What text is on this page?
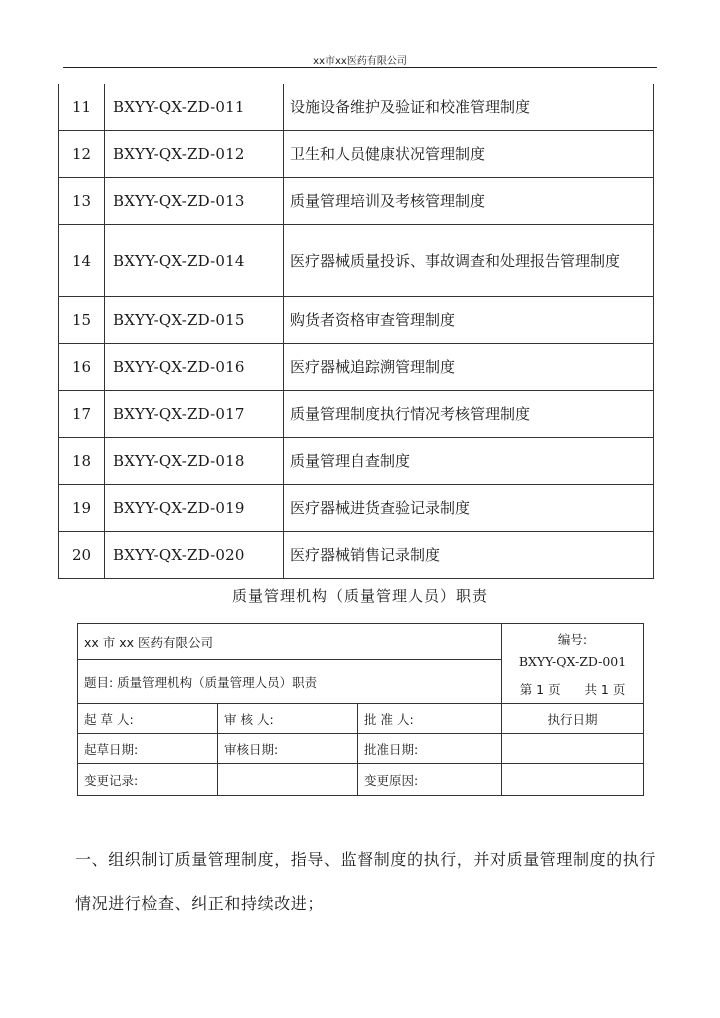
xx市xx医药有限公司
11	BXYY-QX-ZD-011	设施设备维护及验证和校准管理制度
12	BXYY-QX-ZD-012	卫生和人员健康状况管理制度
13	BXYY-QX-ZD-013	质量管理培训及考核管理制度
14	BXYY-QX-ZD-014	医疗器械质量投诉、事故调查和处理报告管理制度
15	BXYY-QX-ZD-015	购货者资格审查管理制度
16	BXYY-QX-ZD-016	医疗器械追踪溯管理制度
17	BXYY-QX-ZD-017	质量管理制度执行情况考核管理制度
18	BXYY-QX-ZD-018	质量管理自查制度
19	BXYY-QX-ZD-019	医疗器械进货查验记录制度
20	BXYY-QX-ZD-020	医疗器械销售记录制度
质量管理机构（质量管理人员）职责
xx 市 xx 医药有限公司			编号:
BXYY-QX-ZD-001
第 1 页 共 1 页

题目: 质量管理机构（质量管理人员）职责			
起 草 人:	审 核 人:	批 准 人:	执行日期
起草日期:	审核日期:	批准日期:	
变更记录:		变更原因:	
一、组织制订质量管理制度，指导、监督制度的执行，并对质量管理制度的执行情况进行检查、纠正和持续改进；
